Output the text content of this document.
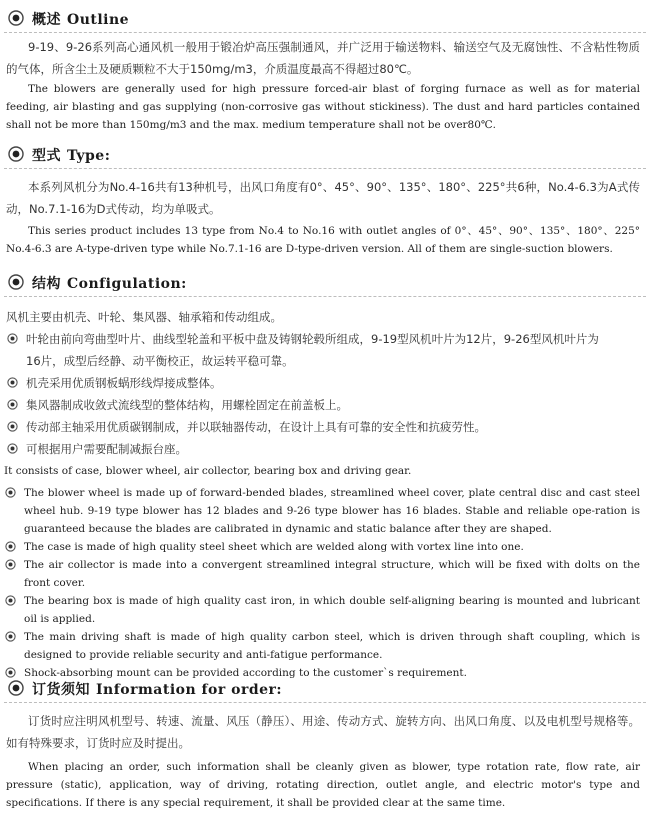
概述 Outline

9-19、9-26系列高心通风机一般用于锻冶炉高压强制通风，并广泛用于输送物料、输送空气及无腐蚀性、不含粘性物质的气体，所含尘土及硬质颗粒不大于150mg/m3，介质温度最高不得超过80℃。

The blowers are generally used for high pressure forced-air blast of forging furnace as well as for material feeding, air blasting and gas supplying (non-corrosive gas without stickiness). The dust and hard particles contained shall not be more than 150mg/m3 and the max. medium temperature shall not be over80℃.

型式 Type:

本系列风机分为No.4-16共有13种机号，出风口角度有0°、45°、90°、135°、180°、225°共6种，No.4-6.3为A式传动，No.7.1-16为D式传动，均为单吸式。

This series product includes 13 type from No.4 to No.16 with outlet angles of 0°、45°、90°、135°、180°、225° No.4-6.3 are A-type-driven type while No.7.1-16 are D-type-driven version. All of them are single-suction blowers.

结构 Configulation:

风机主要由机壳、叶轮、集风器、轴承箱和传动组成。

叶轮由前向弯曲型叶片、曲线型轮盖和平板中盘及铸钢轮毂所组成，9-19型风机叶片为12片，9-26型风机叶片为16片，成型后经静、动平衡校正，故运转平稳可靠。
机壳采用优质钢板蜗形线焊接成整体。
集风器制成收敛式流线型的整体结构，用螺栓固定在前盖板上。
传动部主轴采用优质碳钢制成，并以联轴器传动，在设计上具有可靠的安全性和抗疲劳性。
可根据用户需要配制减振台座。

It consists of case, blower wheel, air collector, bearing box and driving gear.

The blower wheel is made up of forward-bended blades, streamlined wheel cover, plate central disc and cast steel wheel hub. 9-19 type blower has 12 blades and 9-26 type blower has 16 blades. Stable and reliable ope-ration is guaranteed because the blades are calibrated in dynamic and static balance after they are shaped.
The case is made of high quality steel sheet which are welded along with vortex line into one.
The air collector is made into a convergent streamlined integral structure, which will be fixed with dolts on the front cover.
The bearing box is made of high quality cast iron, in which double self-aligning bearing is mounted and lubricant oil is applied.
The main driving shaft is made of high quality carbon steel, which is driven through shaft coupling, which is designed to provide reliable security and anti-fatigue performance.
Shock-absorbing mount can be provided according to the customer`s requirement.
订货须知 Information for order:

订货时应注明风机型号、转速、流量、风压（静压）、用途、传动方式、旋转方向、出风口角度、以及电机型号规格等。如有特殊要求，订货时应及时提出。

When placing an order, such information shall be cleanly given as blower, type rotation rate, flow rate, air pressure (static), application, way of driving, rotating direction, outlet angle, and electric motor's type and specifications. If there is any special requirement, it shall be provided clear at the same time.
